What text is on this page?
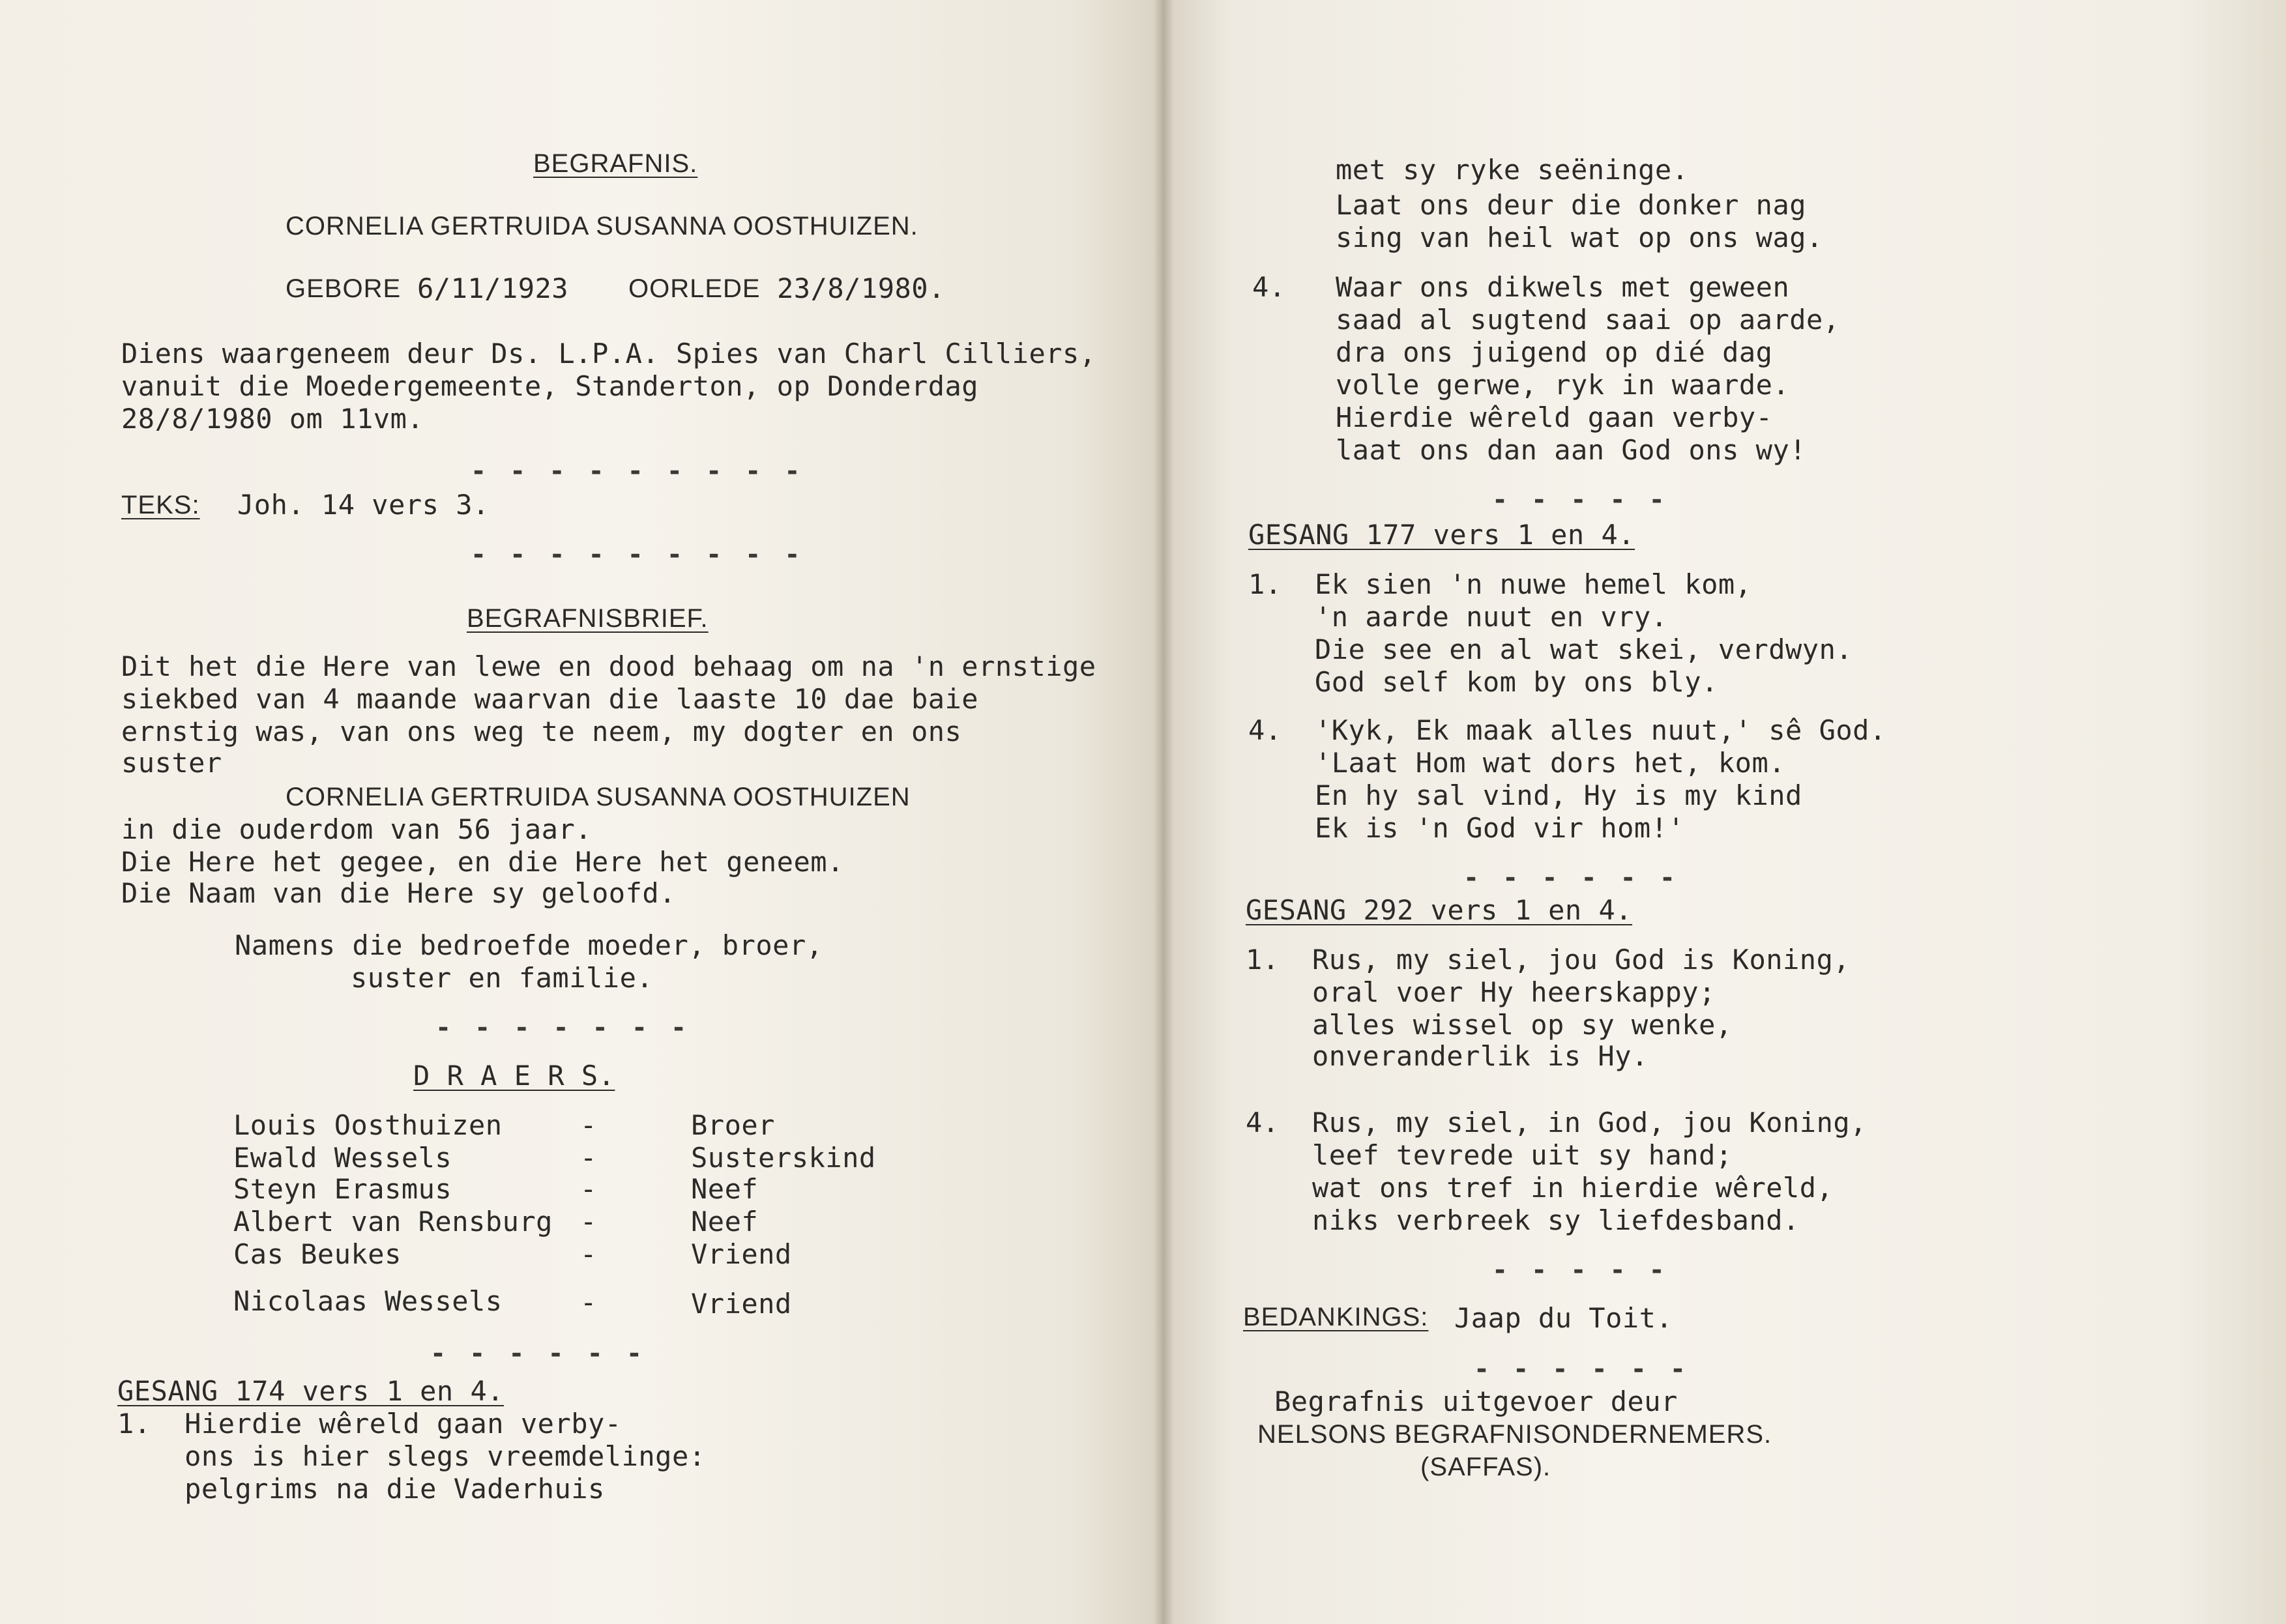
BEGRAFNIS.
CORNELIA GERTRUIDA SUSANNA OOSTHUIZEN.
GEBORE 6/11/1923 OORLEDE 23/8/1980.
Diens waargeneem deur Ds. L.P.A. Spies van Charl Cilliers,
vanuit die Moedergemeente, Standerton, op Donderdag
28/8/1980 om 11vm.
- - - - - - - - -
TEKS: Joh. 14 vers 3.
- - - - - - - - -
BEGRAFNISBRIEF.
Dit het die Here van lewe en dood behaag om na 'n ernstige
siekbed van 4 maande waarvan die laaste 10 dae baie
ernstig was, van ons weg te neem, my dogter en ons
suster
CORNELIA GERTRUIDA SUSANNA OOSTHUIZEN
in die ouderdom van 56 jaar.
Die Here het gegee, en die Here het geneem.
Die Naam van die Here sy geloofd.
Namens die bedroefde moeder, broer,
suster en familie.
- - - - - - -
D R A E R S.
Louis Oosthuizen	-	Broer
Ewald Wessels	-	Susterskind
Steyn Erasmus	-	Neef
Albert van Rensburg -	Neef
Cas Beukes	-	Vriend
Nicolaas Wessels	-	Vriend
- - - - - -
GESANG 174 vers 1 en 4.
1.  Hierdie wêreld gaan verby-
ons is hier slegs vreemdelinge:
pelgrims na die Vaderhuis
met sy ryke seëninge.
Laat ons deur die donker nag
sing van heil wat op ons wag.
4. Waar ons dikwels met geween
saad al sugtend saai op aarde,
dra ons juigend op dié dag
volle gerwe, ryk in waarde.
Hierdie wêreld gaan verby-
laat ons dan aan God ons wy!
- - - - -
GESANG 177 vers 1 en 4.
1. Ek sien 'n nuwe hemel kom,
'n aarde nuut en vry.
Die see en al wat skei, verdwyn.
God self kom by ons bly.
4. 'Kyk, Ek maak alles nuut,' sê God.
'Laat Hom wat dors het, kom.
En hy sal vind, Hy is my kind
Ek is 'n God vir hom!'
- - - - - -
GESANG 292 vers 1 en 4.
1. Rus, my siel, jou God is Koning,
oral voer Hy heerskappy;
alles wissel op sy wenke,
onveranderlik is Hy.
4. Rus, my siel, in God, jou Koning,
leef tevrede uit sy hand;
wat ons tref in hierdie wêreld,
niks verbreek sy liefdesband.
- - - - -
BEDANKINGS: Jaap du Toit.
- - - - - -
Begrafnis uitgevoer deur
NELSONS BEGRAFNISONDERNEMERS.
(SAFFAS).
